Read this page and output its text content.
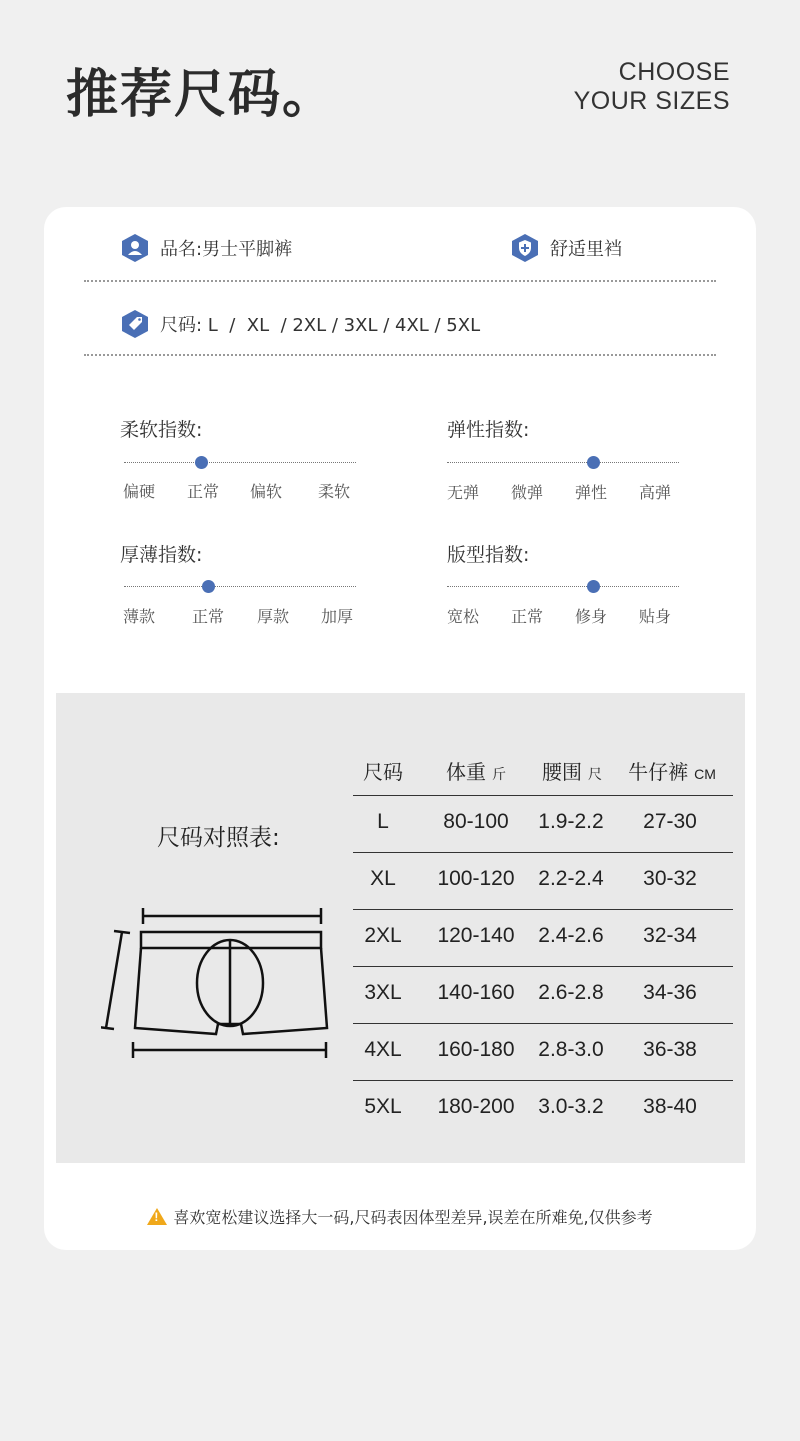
推荐尺码。	CHOOSE
YOUR SIZES
品名:男士平脚裤	舒适里裆
尺码: L  /  XL  / 2XL / 3XL / 4XL / 5XL
柔软指数:
偏硬 正常 偏软 柔软
弹性指数:
无弹 微弹 弹性 高弹
厚薄指数:
薄款 正常 厚款 加厚
版型指数:
宽松 正常 修身 贴身
尺码对照表:
尺码	体重 斤	腰围 尺	牛仔裤 CM
L	80-100	1.9-2.2	27-30
XL	100-120	2.2-2.4	30-32
2XL	120-140	2.4-2.6	32-34
3XL	140-160	2.6-2.8	34-36
4XL	160-180	2.8-3.0	36-38
5XL	180-200	3.0-3.2	38-40
!喜欢宽松建议选择大一码,尺码表因体型差异,误差在所难免,仅供参考
